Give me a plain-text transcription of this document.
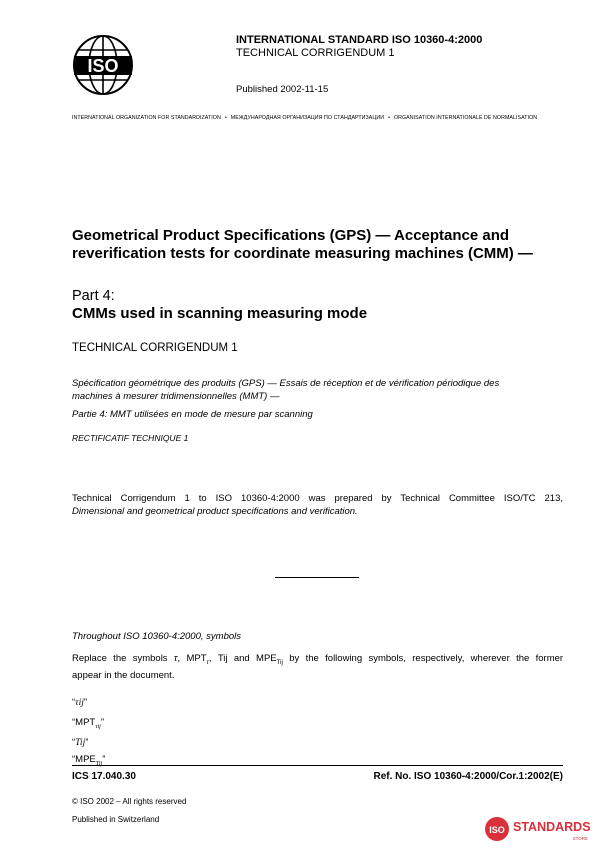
ISO
INTERNATIONAL STANDARD ISO 10360-4:2000
TECHNICAL CORRIGENDUM 1
Published 2002-11-15
INTERNATIONAL ORGANIZATION FOR STANDARDIZATION • МЕЖДУНАРОДНАЯ ОРГАНИЗАЦИЯ ПО СТАНДАРТИЗАЦИИ • ORGANISATION INTERNATIONALE DE NORMALISATION
Geometrical Product Specifications (GPS) — Acceptance and reverification tests for coordinate measuring machines (CMM) —
Part 4:
CMMs used in scanning measuring mode
TECHNICAL CORRIGENDUM 1
Spécification géométrique des produits (GPS) — Essais de réception et de vérification périodique des machines à mesurer tridimensionnelles (MMT) —
Partie 4: MMT utilisées en mode de mesure par scanning
RECTIFICATIF TECHNIQUE 1
Technical Corrigendum 1 to ISO 10360-4:2000 was prepared by Technical Committee ISO/TC 213,
Dimensional and geometrical product specifications and verification.
Throughout ISO 10360-4:2000, symbols
Replace the symbols τ, $MPT_\tau$, Tij and $MPE_{Tij}$ by the following symbols, respectively, wherever the former
appear in the document.
“τij”
“$MPT_{\tau ij}$”
“Tij”
“$MPE_{Tij}$”
ICS 17.040.30	Ref. No. ISO 10360-4:2000/Cor.1:2002(E)
© ISO 2002 – All rights reserved
Published in Switzerland
ISO STANDARDS
STORE
